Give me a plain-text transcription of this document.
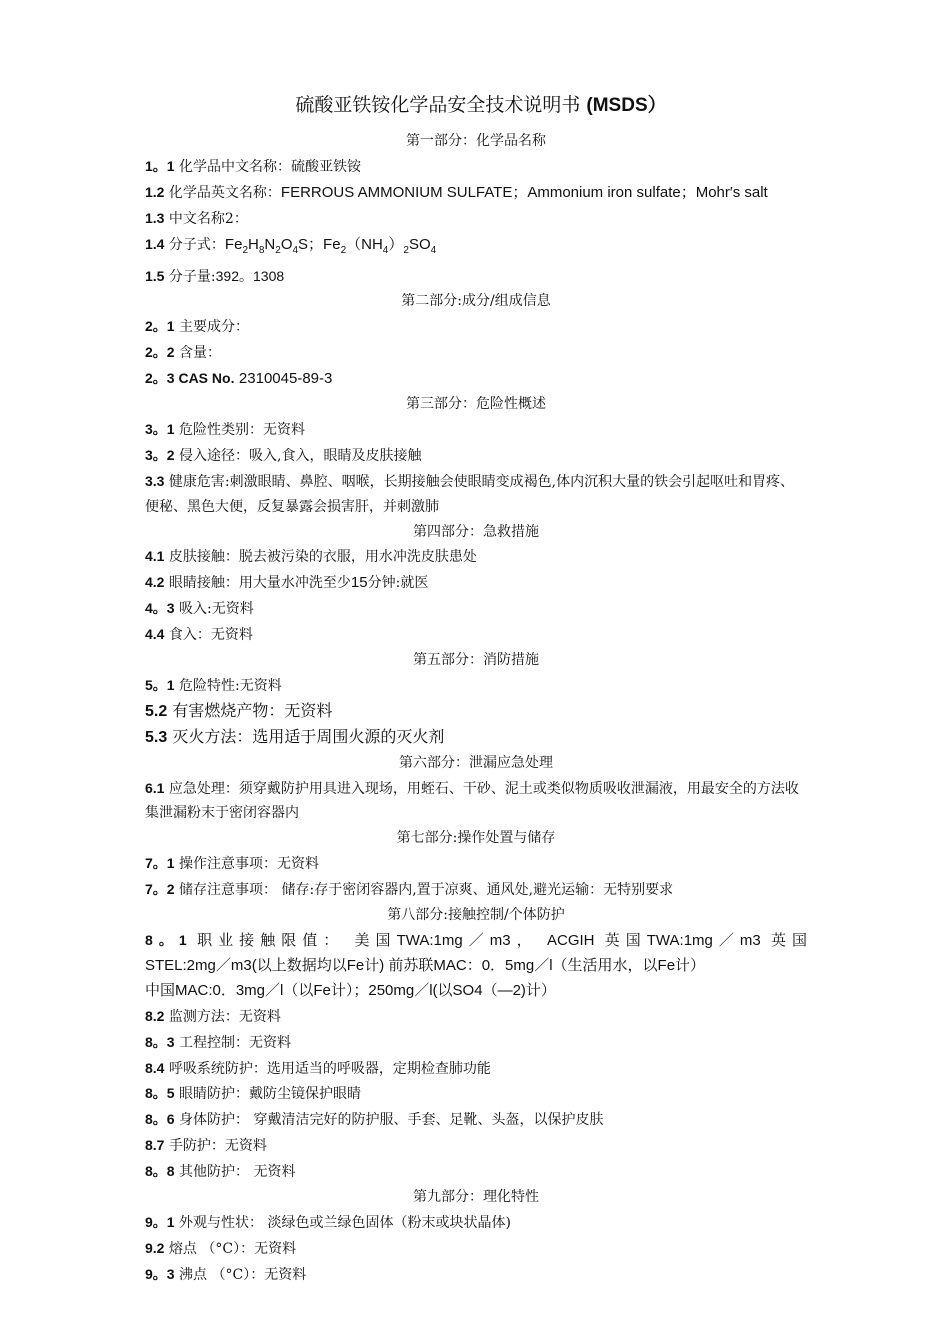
硫酸亚铁铵化学品安全技术说明书 (MSDS）
第一部分：化学品名称
1。1 化学品中文名称：硫酸亚铁铵
1.2 化学品英文名称：FERROUS AMMONIUM SULFATE；Ammonium iron sulfate；Mohr′s salt
1.3 中文名称2：
1.4 分子式：$Fe_2H_8N_2O_4S$；$Fe_2(NH_4)_2SO_4$
1.5 分子量:392。1308
第二部分:成分/组成信息
2。1 主要成分：
2。2 含量：
2。3 CAS No. 2310045-89-3
第三部分：危险性概述
3。1 危险性类别：无资料
3。2 侵入途径：吸入,食入，眼睛及皮肤接触
3.3 健康危害:刺激眼睛、鼻腔、咽喉，长期接触会使眼睛变成褐色,体内沉积大量的铁会引起呕吐和胃疼、便秘、黑色大便，反复暴露会损害肝，并刺激肺
第四部分：急救措施
4.1 皮肤接触：脱去被污染的衣服，用水冲洗皮肤患处
4.2 眼睛接触：用大量水冲洗至少15分钟:就医
4。3 吸入:无资料
4.4 食入：无资料
第五部分：消防措施
5。1 危险特性:无资料
5.2 有害燃烧产物：无资料
5.3 灭火方法：选用适于周围火源的灭火剂
第六部分：泄漏应急处理
6.1 应急处理：须穿戴防护用具进入现场，用蛭石、干砂、泥土或类似物质吸收泄漏液，用最安全的方法收集泄漏粉末于密闭容器内
第七部分:操作处置与储存
7。1 操作注意事项：无资料
7。2 储存注意事项： 储存:存于密闭容器内,置于凉爽、通风处,避光运输：无特别要求
第八部分:接触控制/个体防护
8。1 职业接触限值： 美国TWA:1mg／m3， ACGIH 英国TWA:1mg／m3 英国
STEL:2mg／m3(以上数据均以Fe计) 前苏联MAC：0．5mg／l（生活用水，以Fe计）
中国MAC:0．3mg／l（以Fe计）；250mg／l(以SO4（—2)计）
8.2 监测方法：无资料
8。3 工程控制：无资料
8.4 呼吸系统防护：选用适当的呼吸器，定期检查肺功能
8。5 眼睛防护：戴防尘镜保护眼睛
8。6 身体防护： 穿戴清洁完好的防护服、手套、足靴、头盔，以保护皮肤
8.7 手防护：无资料
8。8 其他防护： 无资料
第九部分：理化特性
9。1 外观与性状： 淡绿色或兰绿色固体（粉末或块状晶体)
9.2 熔点 （°C）：无资料
9。3 沸点 （°C）：无资料
